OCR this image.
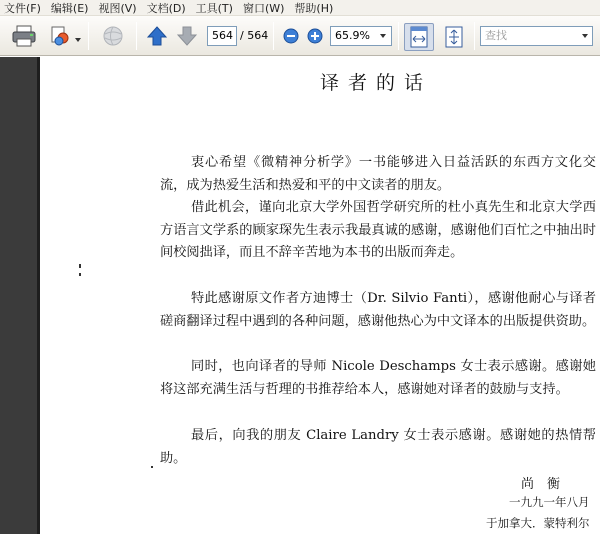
文件(F) 编辑(E) 视图(V) 文档(D) 工具(T) 窗口(W) 帮助(H)
564 / 564	65.9%	查找
译者的话
衷心希望《微精神分析学》一书能够进入日益活跃的东西方文化交流，成为热爱生活和热爱和平的中文读者的朋友。
借此机会，谨向北京大学外国哲学研究所的杜小真先生和北京大学西方语言文学系的顾家琛先生表示我最真诚的感谢，感谢他们百忙之中抽出时间校阅拙译，而且不辞辛苦地为本书的出版而奔走。
特此感谢原文作者方迪博士（Dr. Silvio Fanti），感谢他耐心与译者磋商翻译过程中遇到的各种问题，感谢他热心为中文译本的出版提供资助。
同时，也向译者的导师 Nicole Deschamps 女士表示感谢。感谢她将这部充满生活与哲理的书推荐给本人，感谢她对译者的鼓励与支持。
最后，向我的朋友 Claire Landry 女士表示感谢。感谢她的热情帮助。
尚　衡
一九九一年八月
于加拿大．蒙特利尔
